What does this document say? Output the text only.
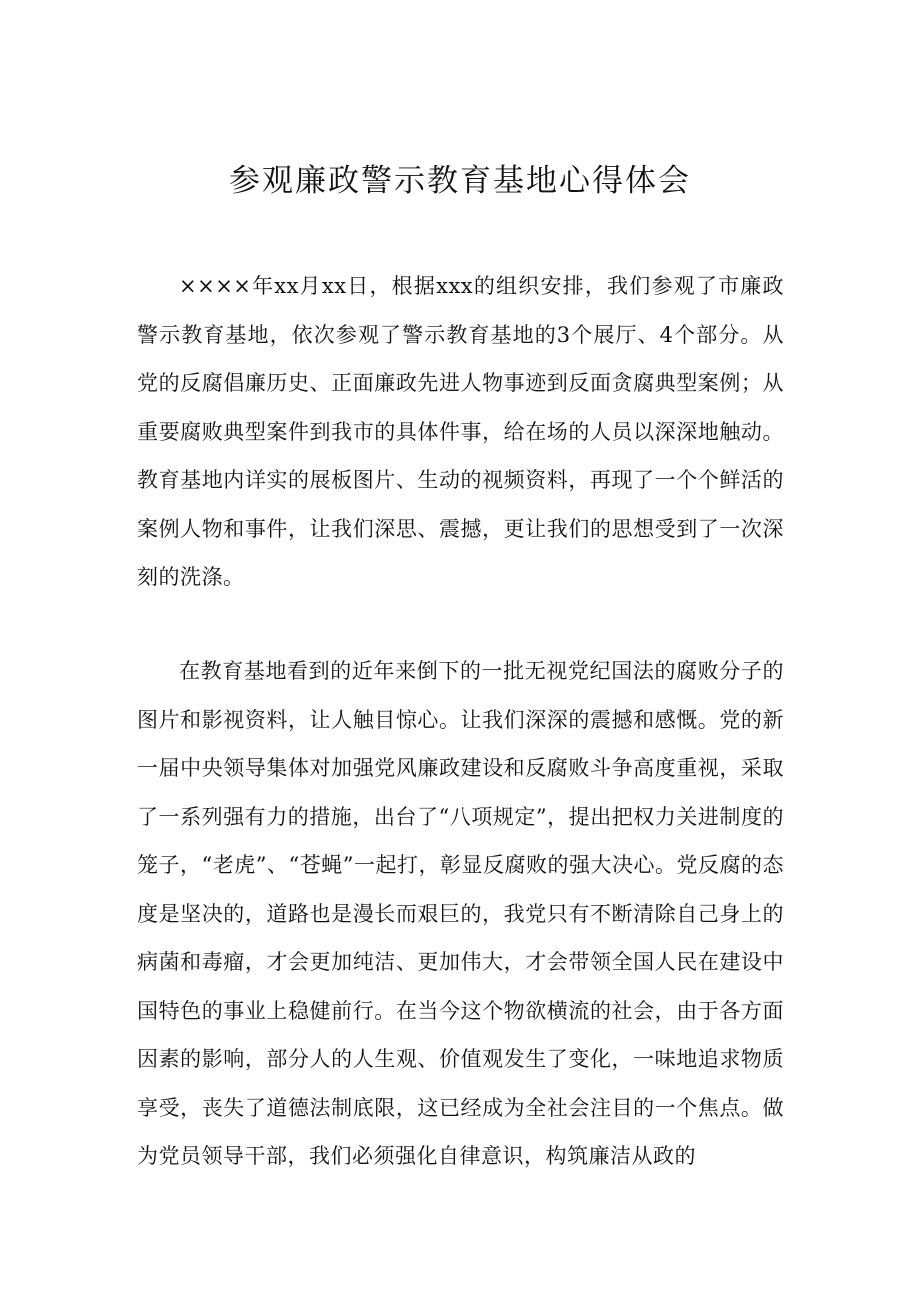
参观廉政警示教育基地心得体会

××××年xx月xx日，根据xxx的组织安排，我们参观了市廉政警示教育基地，依次参观了警示教育基地的3个展厅、4个部分。从党的反腐倡廉历史、正面廉政先进人物事迹到反面贪腐典型案例；从重要腐败典型案件到我市的具体件事，给在场的人员以深深地触动。教育基地内详实的展板图片、生动的视频资料，再现了一个个鲜活的案例人物和事件，让我们深思、震撼，更让我们的思想受到了一次深刻的洗涤。

在教育基地看到的近年来倒下的一批无视党纪国法的腐败分子的图片和影视资料，让人触目惊心。让我们深深的震撼和感慨。党的新一届中央领导集体对加强党风廉政建设和反腐败斗争高度重视，采取了一系列强有力的措施，出台了“八项规定”，提出把权力关进制度的笼子，“老虎”、“苍蝇”一起打，彰显反腐败的强大决心。党反腐的态度是坚决的，道路也是漫长而艰巨的，我党只有不断清除自己身上的病菌和毒瘤，才会更加纯洁、更加伟大，才会带领全国人民在建设中国特色的事业上稳健前行。在当今这个物欲横流的社会，由于各方面因素的影响，部分人的人生观、价值观发生了变化，一味地追求物质享受，丧失了道德法制底限，这已经成为全社会注目的一个焦点。做为党员领导干部，我们必须强化自律意识，构筑廉洁从政的
